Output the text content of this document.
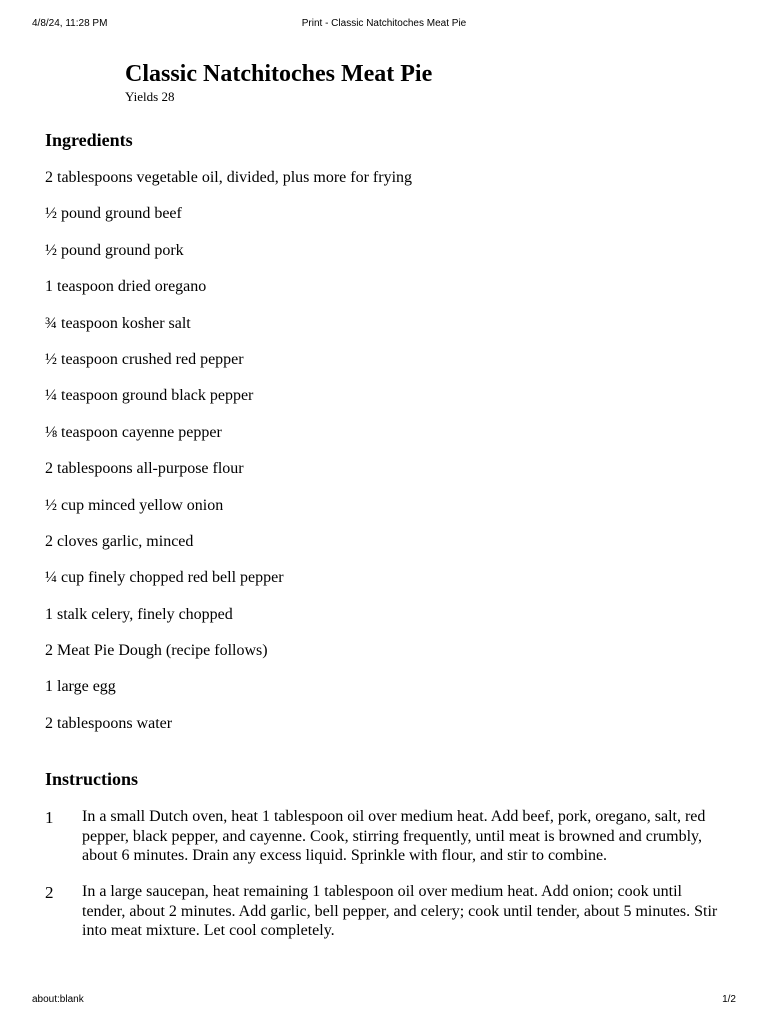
4/8/24, 11:28 PM	Print - Classic Natchitoches Meat Pie
Classic Natchitoches Meat Pie
Yields 28
Ingredients
2 tablespoons vegetable oil, divided, plus more for frying
½ pound ground beef
½ pound ground pork
1 teaspoon dried oregano
¾ teaspoon kosher salt
½ teaspoon crushed red pepper
¼ teaspoon ground black pepper
⅛ teaspoon cayenne pepper
2 tablespoons all-purpose flour
½ cup minced yellow onion
2 cloves garlic, minced
¼ cup finely chopped red bell pepper
1 stalk celery, finely chopped
2 Meat Pie Dough (recipe follows)
1 large egg
2 tablespoons water
Instructions
1 In a small Dutch oven, heat 1 tablespoon oil over medium heat. Add beef, pork, oregano, salt, red pepper, black pepper, and cayenne. Cook, stirring frequently, until meat is browned and crumbly, about 6 minutes. Drain any excess liquid. Sprinkle with flour, and stir to combine.
2 In a large saucepan, heat remaining 1 tablespoon oil over medium heat. Add onion; cook until tender, about 2 minutes. Add garlic, bell pepper, and celery; cook until tender, about 5 minutes. Stir into meat mixture. Let cool completely.
about:blank	1/2
